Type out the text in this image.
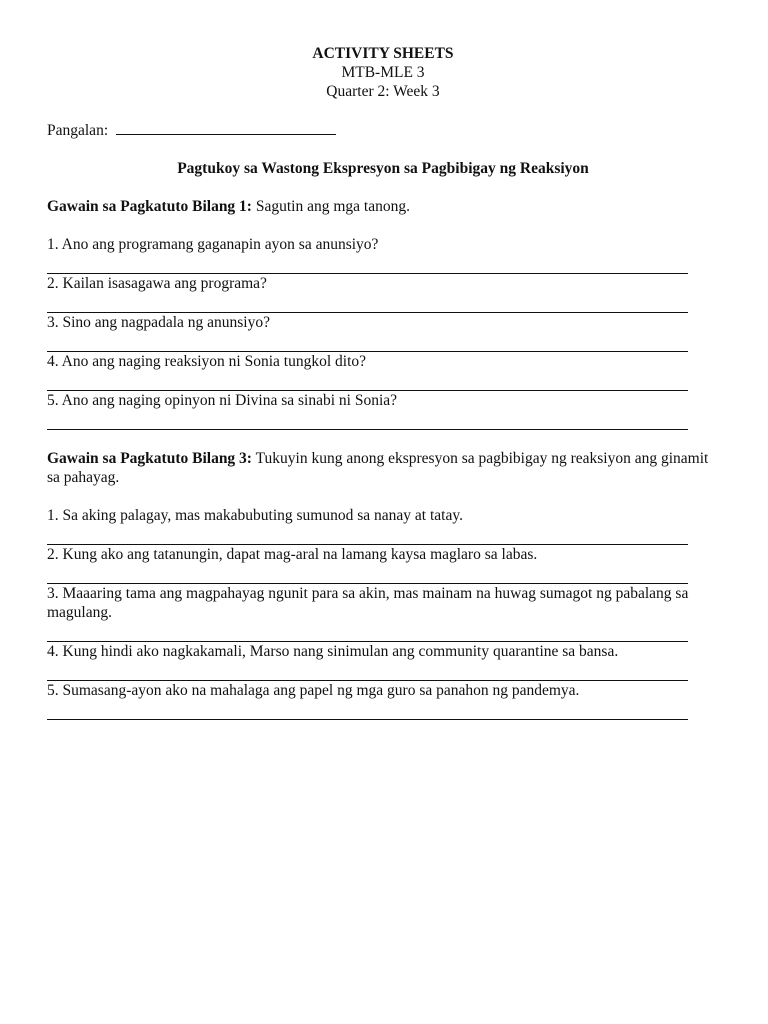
ACTIVITY SHEETS
MTB-MLE 3
Quarter 2: Week 3
Pangalan:
Pagtukoy sa Wastong Ekspresyon sa Pagbibigay ng Reaksiyon
Gawain sa Pagkatuto Bilang 1: Sagutin ang mga tanong.
1. Ano ang programang gaganapin ayon sa anunsiyo?
2. Kailan isasagawa ang programa?
3. Sino ang nagpadala ng anunsiyo?
4. Ano ang naging reaksiyon ni Sonia tungkol dito?
5. Ano ang naging opinyon ni Divina sa sinabi ni Sonia?
Gawain sa Pagkatuto Bilang 3: Tukuyin kung anong ekspresyon sa pagbibigay ng reaksiyon ang ginamit sa pahayag.
1. Sa aking palagay, mas makabubuting sumunod sa nanay at tatay.
2. Kung ako ang tatanungin, dapat mag-aral na lamang kaysa maglaro sa labas.
3. Maaaring tama ang magpahayag ngunit para sa akin, mas mainam na huwag sumagot ng pabalang sa magulang.
4. Kung hindi ako nagkakamali, Marso nang sinimulan ang community quarantine sa bansa.
5. Sumasang-ayon ako na mahalaga ang papel ng mga guro sa panahon ng pandemya.
